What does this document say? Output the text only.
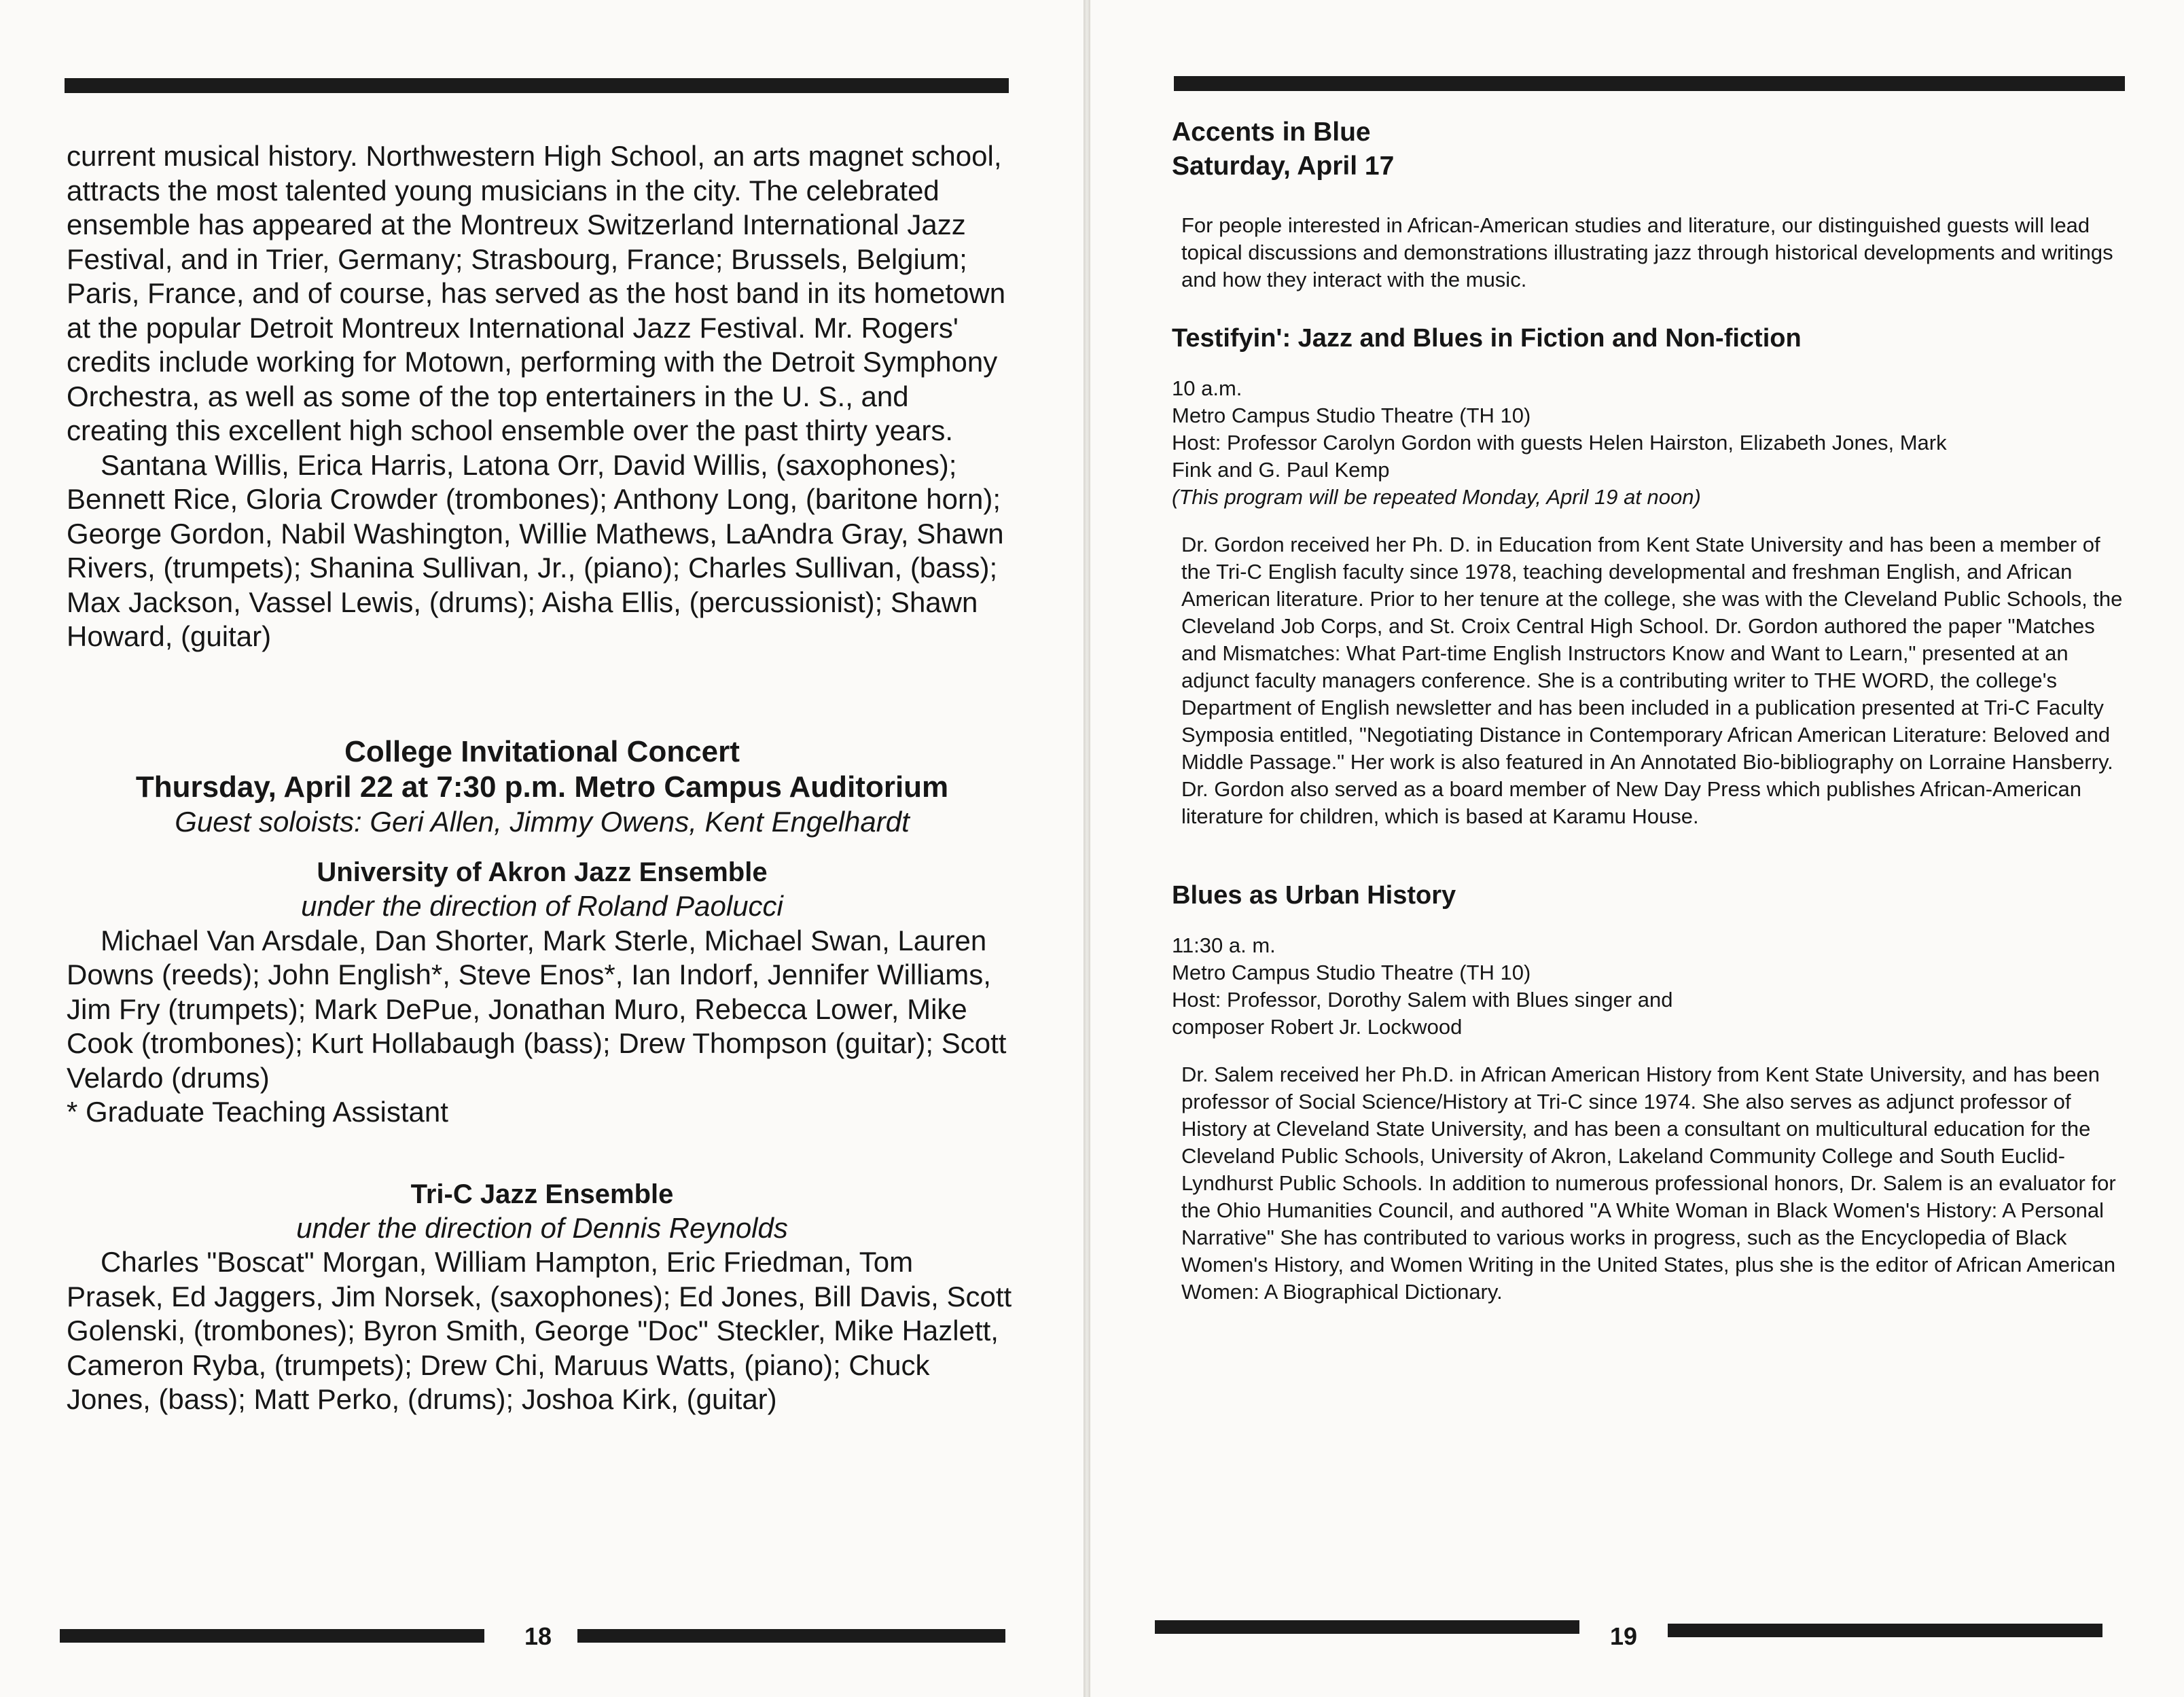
current musical history. Northwestern High School, an arts magnet school, attracts the most talented young musicians in the city. The celebrated ensemble has appeared at the Montreux Switzerland International Jazz Festival, and in Trier, Germany; Strasbourg, France; Brussels, Belgium; Paris, France, and of course, has served as the host band in its hometown at the popular Detroit Montreux International Jazz Festival. Mr. Rogers' credits include working for Motown, performing with the Detroit Symphony Orchestra, as well as some of the top entertainers in the U. S., and creating this excellent high school ensemble over the past thirty years.

Santana Willis, Erica Harris, Latona Orr, David Willis, (saxophones); Bennett Rice, Gloria Crowder (trombones); Anthony Long, (baritone horn); George Gordon, Nabil Washington, Willie Mathews, LaAndra Gray, Shawn Rivers, (trumpets); Shanina Sullivan, Jr., (piano); Charles Sullivan, (bass); Max Jackson, Vassel Lewis, (drums); Aisha Ellis, (percussionist); Shawn Howard, (guitar)

College Invitational Concert

Thursday, April 22 at 7:30 p.m. Metro Campus Auditorium

Guest soloists: Geri Allen, Jimmy Owens, Kent Engelhardt

University of Akron Jazz Ensemble

under the direction of Roland Paolucci

Michael Van Arsdale, Dan Shorter, Mark Sterle, Michael Swan, Lauren Downs (reeds); John English*, Steve Enos*, Ian Indorf, Jennifer Williams, Jim Fry (trumpets); Mark DePue, Jonathan Muro, Rebecca Lower, Mike Cook (trombones); Kurt Hollabaugh (bass); Drew Thompson (guitar); Scott Velardo (drums)

* Graduate Teaching Assistant

Tri-C Jazz Ensemble

under the direction of Dennis Reynolds

Charles "Boscat" Morgan, William Hampton, Eric Friedman, Tom Prasek, Ed Jaggers, Jim Norsek, (saxophones); Ed Jones, Bill Davis, Scott Golenski, (trombones); Byron Smith, George "Doc" Steckler, Mike Hazlett, Cameron Ryba, (trumpets); Drew Chi, Maruus Watts, (piano); Chuck Jones, (bass); Matt Perko, (drums); Joshoa Kirk, (guitar)

18

Accents in Blue

Saturday, April 17

For people interested in African-American studies and literature, our distinguished guests will lead topical discussions and demonstrations illustrating jazz through historical developments and writings and how they interact with the music.

Testifyin': Jazz and Blues in Fiction and Non-fiction

10 a.m.

Metro Campus Studio Theatre (TH 10)

Host: Professor Carolyn Gordon with guests Helen Hairston, Elizabeth Jones, Mark Fink and G. Paul Kemp

(This program will be repeated Monday, April 19 at noon)

Dr. Gordon received her Ph. D. in Education from Kent State University and has been a member of the Tri-C English faculty since 1978, teaching developmental and freshman English, and African American literature. Prior to her tenure at the college, she was with the Cleveland Public Schools, the Cleveland Job Corps, and St. Croix Central High School. Dr. Gordon authored the paper "Matches and Mismatches: What Part-time English Instructors Know and Want to Learn," presented at an adjunct faculty managers conference. She is a contributing writer to THE WORD, the college's Department of English newsletter and has been included in a publication presented at Tri-C Faculty Symposia entitled, "Negotiating Distance in Contemporary African American Literature: Beloved and Middle Passage." Her work is also featured in An Annotated Bio-bibliography on Lorraine Hansberry. Dr. Gordon also served as a board member of New Day Press which publishes African-American literature for children, which is based at Karamu House.

Blues as Urban History

11:30 a. m.

Metro Campus Studio Theatre (TH 10)

Host: Professor, Dorothy Salem with Blues singer and composer Robert Jr. Lockwood

Dr. Salem received her Ph.D. in African American History from Kent State University, and has been professor of Social Science/History at Tri-C since 1974. She also serves as adjunct professor of History at Cleveland State University, and has been a consultant on multicultural education for the Cleveland Public Schools, University of Akron, Lakeland Community College and South Euclid-Lyndhurst Public Schools. In addition to numerous professional honors, Dr. Salem is an evaluator for the Ohio Humanities Council, and authored "A White Woman in Black Women's History: A Personal Narrative" She has contributed to various works in progress, such as the Encyclopedia of Black Women's History, and Women Writing in the United States, plus she is the editor of African American Women: A Biographical Dictionary.

19
